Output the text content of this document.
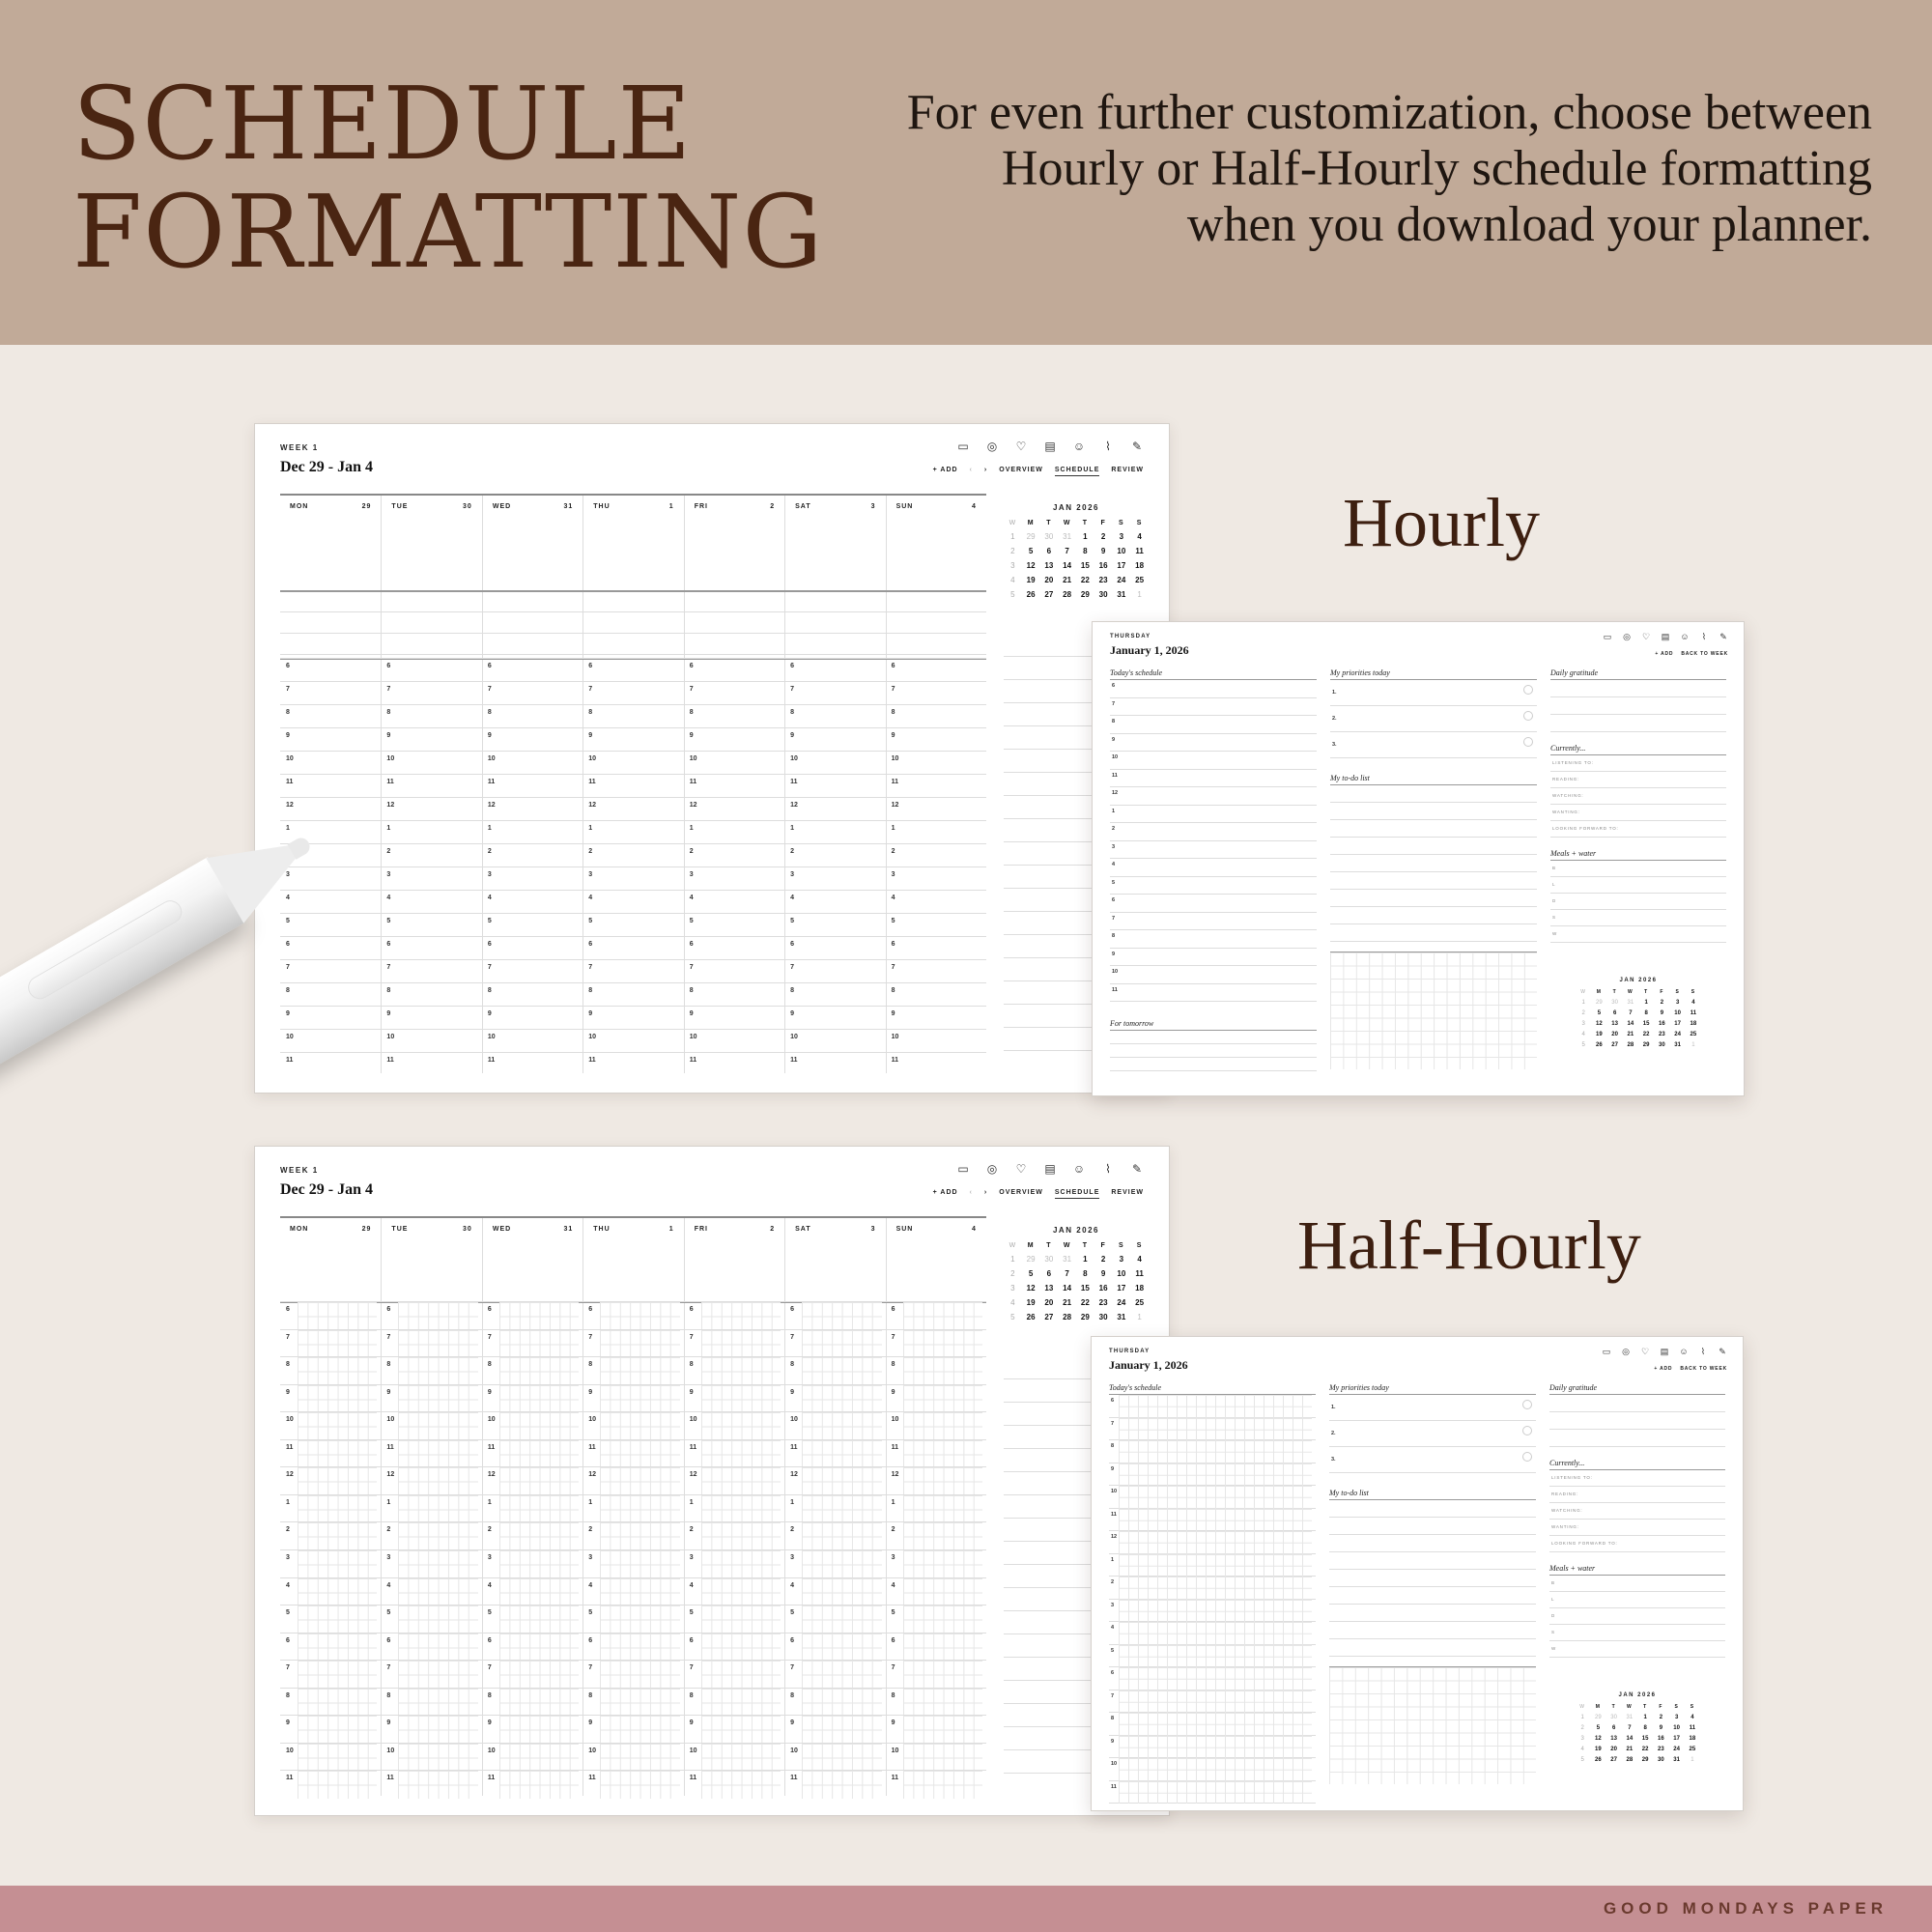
SCHEDULE
FORMATTING
For even further customization, choose between
Hourly or Half-Hourly schedule formatting
when you download your planner.
Hourly
Half-Hourly
WEEK 1
Dec 29 - Jan 4
▭ ◎ ♡ ▤ ☺	⌇	✎
+ ADD ‹ › OVERVIEW SCHEDULE REVIEW
MON	29	TUE	30	WED	31	THU	1	FRI	2	SAT	3	SUN	4
6	6	6	6	6	6	6
7	7	7	7	7	7	7
8	8	8	8	8	8	8
9	9	9	9	9	9	9
10	10	10	10	10	10	10
11	11	11	11	11	11	11
12	12	12	12	12	12	12
1	1	1	1	1	1	1
2	2	2	2	2	2	2
3	3	3	3	3	3	3
4	4	4	4	4	4	4
5	5	5	5	5	5	5
6	6	6	6	6	6	6
7	7	7	7	7	7	7
8	8	8	8	8	8	8
9	9	9	9	9	9	9
10	10	10	10	10	10	10
11	11	11	11	11	11	11
JAN 2026
W	M	T	W	T	F	S	S
1	29	30	31	1	2	3	4
2	5	6	7	8	9	10	11
3	12	13	14	15	16	17	18
4	19	20	21	22	23	24	25
5	26	27	28	29	30	31	1
WEEK 1
Dec 29 - Jan 4
▭ ◎ ♡ ▤ ☺	⌇	✎
+ ADD ‹ › OVERVIEW SCHEDULE REVIEW
MON	29	TUE	30	WED	31	THU	1	FRI	2	SAT	3	SUN	4
6	6	6	6	6	6	6
7	7	7	7	7	7	7
8	8	8	8	8	8	8
9	9	9	9	9	9	9
10	10	10	10	10	10	10
11	11	11	11	11	11	11
12	12	12	12	12	12	12
1	1	1	1	1	1	1
2	2	2	2	2	2	2
3	3	3	3	3	3	3
4	4	4	4	4	4	4
5	5	5	5	5	5	5
6	6	6	6	6	6	6
7	7	7	7	7	7	7
8	8	8	8	8	8	8
9	9	9	9	9	9	9
10	10	10	10	10	10	10
11	11	11	11	11	11	11
JAN 2026
W	M	T	W	T	F	S	S
1	29	30	31	1	2	3	4
2	5	6	7	8	9	10	11
3	12	13	14	15	16	17	18
4	19	20	21	22	23	24	25
5	26	27	28	29	30	31	1
THURSDAY
January 1, 2026
▭ ◎ ♡ ▤ ☺	⌇	✎
+ ADD BACK TO WEEK
Today's schedule
6
7
8
9
10
11
12
1
2
3
4
5
6
7
8
9
10
11
For tomorrow
My priorities today
1.
2.
3.
My to-do list
Daily gratitude
Currently...
LISTENING TO:
READING:
WATCHING:
WANTING:
LOOKING FORWARD TO:
Meals + water
B
L
D
S
W
JAN 2026
W	M	T	W	T	F	S	S
1	29	30	31	1	2	3	4
2	5	6	7	8	9	10	11
3	12	13	14	15	16	17	18
4	19	20	21	22	23	24	25
5	26	27	28	29	30	31	1
THURSDAY
January 1, 2026
▭ ◎ ♡ ▤ ☺	⌇	✎
+ ADD BACK TO WEEK
Today's schedule
6
7
8
9
10
11
12
1
2
3
4
5
6
7
8
9
10
11
My priorities today
1.
2.
3.
My to-do list
Daily gratitude
Currently...
LISTENING TO:
READING:
WATCHING:
WANTING:
LOOKING FORWARD TO:
Meals + water
B
L
D
S
W
JAN 2026
W	M	T	W	T	F	S	S
1	29	30	31	1	2	3	4
2	5	6	7	8	9	10	11
3	12	13	14	15	16	17	18
4	19	20	21	22	23	24	25
5	26	27	28	29	30	31	1
GOOD MONDAYS PAPER
